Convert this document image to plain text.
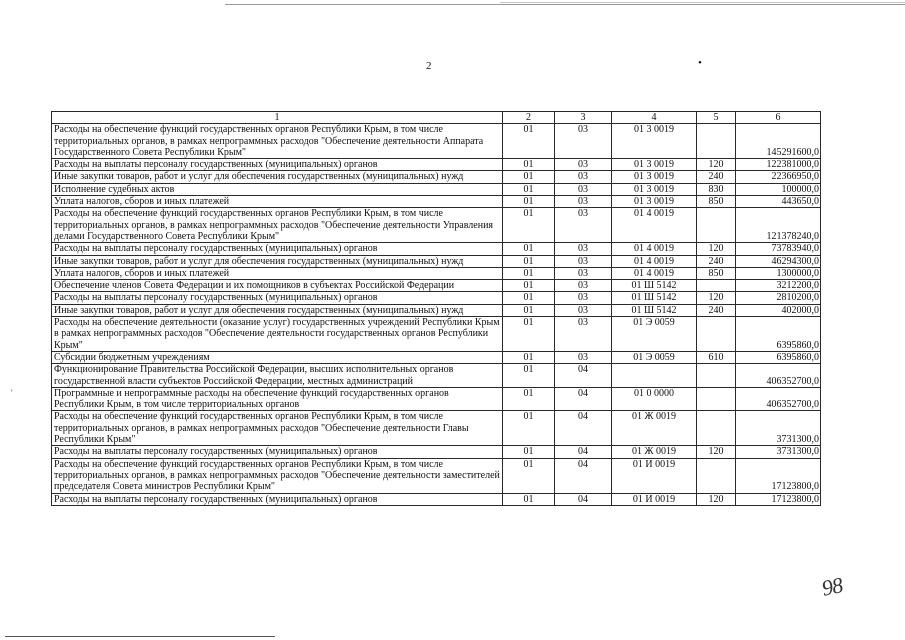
2	•
'
1	2	3	4	5	6
Расходы на обеспечение функций государственных органов Республики Крым, в том числе территориальных органов, в рамках непрограммных расходов "Обеспечение деятельности Аппарата Государственного Совета Республики Крым"	01	03	01 3 0019		145291600,0
Расходы на выплаты персоналу государственных (муниципальных) органов	01	03	01 3 0019	120	122381000,0
Иные закупки товаров, работ и услуг для обеспечения государственных (муниципальных) нужд	01	03	01 3 0019	240	22366950,0
Исполнение судебных актов	01	03	01 3 0019	830	100000,0
Уплата налогов, сборов и иных платежей	01	03	01 3 0019	850	443650,0
Расходы на обеспечение функций государственных органов Республики Крым, в том числе территориальных органов, в рамках непрограммных расходов "Обеспечение деятельности Управления делами Государственного Совета Республики Крым"	01	03	01 4 0019		121378240,0
Расходы на выплаты персоналу государственных (муниципальных) органов	01	03	01 4 0019	120	73783940,0
Иные закупки товаров, работ и услуг для обеспечения государственных (муниципальных) нужд	01	03	01 4 0019	240	46294300,0
Уплата налогов, сборов и иных платежей	01	03	01 4 0019	850	1300000,0
Обеспечение членов Совета Федерации и их помощников в субъектах Российской Федерации	01	03	01 Ш 5142		3212200,0
Расходы на выплаты персоналу государственных (муниципальных) органов	01	03	01 Ш 5142	120	2810200,0
Иные закупки товаров, работ и услуг для обеспечения государственных (муниципальных) нужд	01	03	01 Ш 5142	240	402000,0
Расходы на обеспечение деятельности (оказание услуг) государственных учреждений Республики Крым в рамках непрограммных расходов "Обеспечение деятельности государственных органов Республики Крым"	01	03	01 Э 0059		6395860,0
Субсидии бюджетным учреждениям	01	03	01 Э 0059	610	6395860,0
Функционирование Правительства Российской Федерации, высших исполнительных органов государственной власти субъектов Российской Федерации, местных администраций	01	04			406352700,0
Программные и непрограммные расходы на обеспечение функций государственных органов Республики Крым, в том числе территориальных органов	01	04	01 0 0000		406352700,0
Расходы на обеспечение функций государственных органов Республики Крым, в том числе территориальных органов, в рамках непрограммных расходов "Обеспечение деятельности Главы Республики Крым"	01	04	01 Ж 0019		3731300,0
Расходы на выплаты персоналу государственных (муниципальных) органов	01	04	01 Ж 0019	120	3731300,0
Расходы на обеспечение функций государственных органов Республики Крым, в том числе территориальных органов, в рамках непрограммных расходов "Обеспечение деятельности заместителей председателя Совета министров Республики Крым"	01	04	01 И 0019		17123800,0
Расходы на выплаты персоналу государственных (муниципальных) органов	01	04	01 И 0019	120	17123800,0
98
